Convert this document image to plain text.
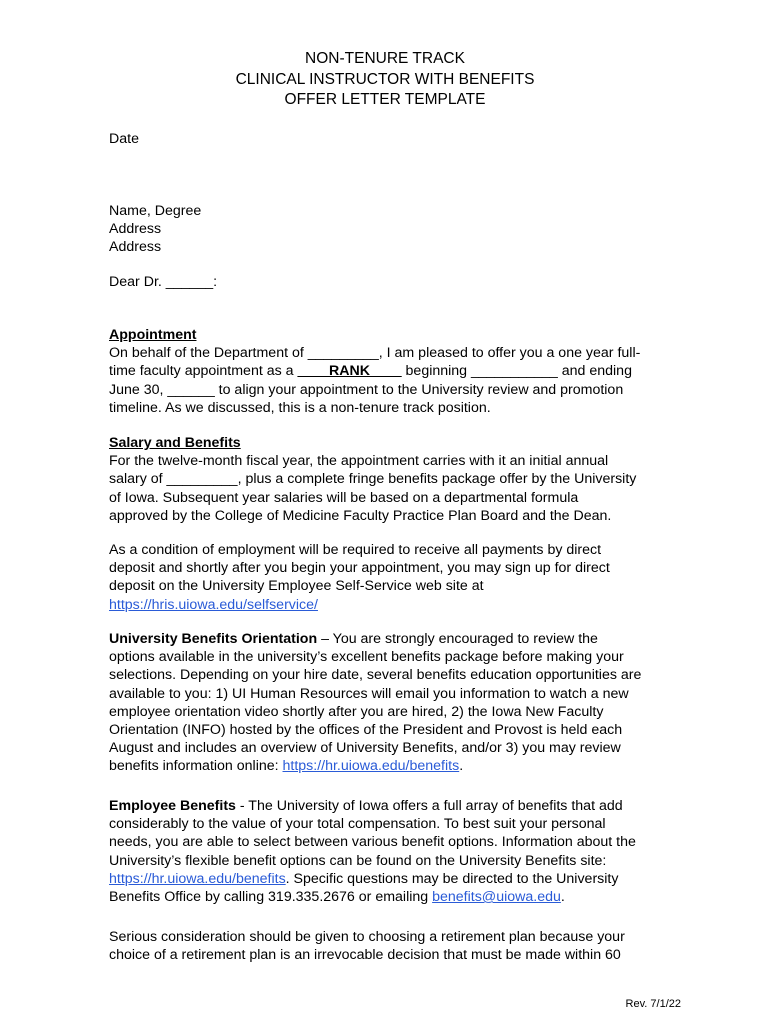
NON-TENURE TRACK
CLINICAL INSTRUCTOR WITH BENEFITS
OFFER LETTER TEMPLATE
Date
Name, Degree
Address
Address
Dear Dr. ______:
Appointment
On behalf of the Department of _________, I am pleased to offer you a one year full-
time faculty appointment as a ____RANK____ beginning ___________ and ending
June 30, ______ to align your appointment to the University review and promotion
timeline. As we discussed, this is a non-tenure track position.
Salary and Benefits
For the twelve-month fiscal year, the appointment carries with it an initial annual
salary of _________, plus a complete fringe benefits package offer by the University
of Iowa. Subsequent year salaries will be based on a departmental formula
approved by the College of Medicine Faculty Practice Plan Board and the Dean.
As a condition of employment will be required to receive all payments by direct
deposit and shortly after you begin your appointment, you may sign up for direct
deposit on the University Employee Self-Service web site at
https://hris.uiowa.edu/selfservice/
University Benefits Orientation – You are strongly encouraged to review the
options available in the university’s excellent benefits package before making your
selections. Depending on your hire date, several benefits education opportunities are
available to you: 1) UI Human Resources will email you information to watch a new
employee orientation video shortly after you are hired, 2) the Iowa New Faculty
Orientation (INFO) hosted by the offices of the President and Provost is held each
August and includes an overview of University Benefits, and/or 3) you may review
benefits information online: https://hr.uiowa.edu/benefits.
Employee Benefits - The University of Iowa offers a full array of benefits that add
considerably to the value of your total compensation. To best suit your personal
needs, you are able to select between various benefit options. Information about the
University’s flexible benefit options can be found on the University Benefits site:
https://hr.uiowa.edu/benefits. Specific questions may be directed to the University
Benefits Office by calling 319.335.2676 or emailing benefits@uiowa.edu.
Serious consideration should be given to choosing a retirement plan because your
choice of a retirement plan is an irrevocable decision that must be made within 60
Rev. 7/1/22
